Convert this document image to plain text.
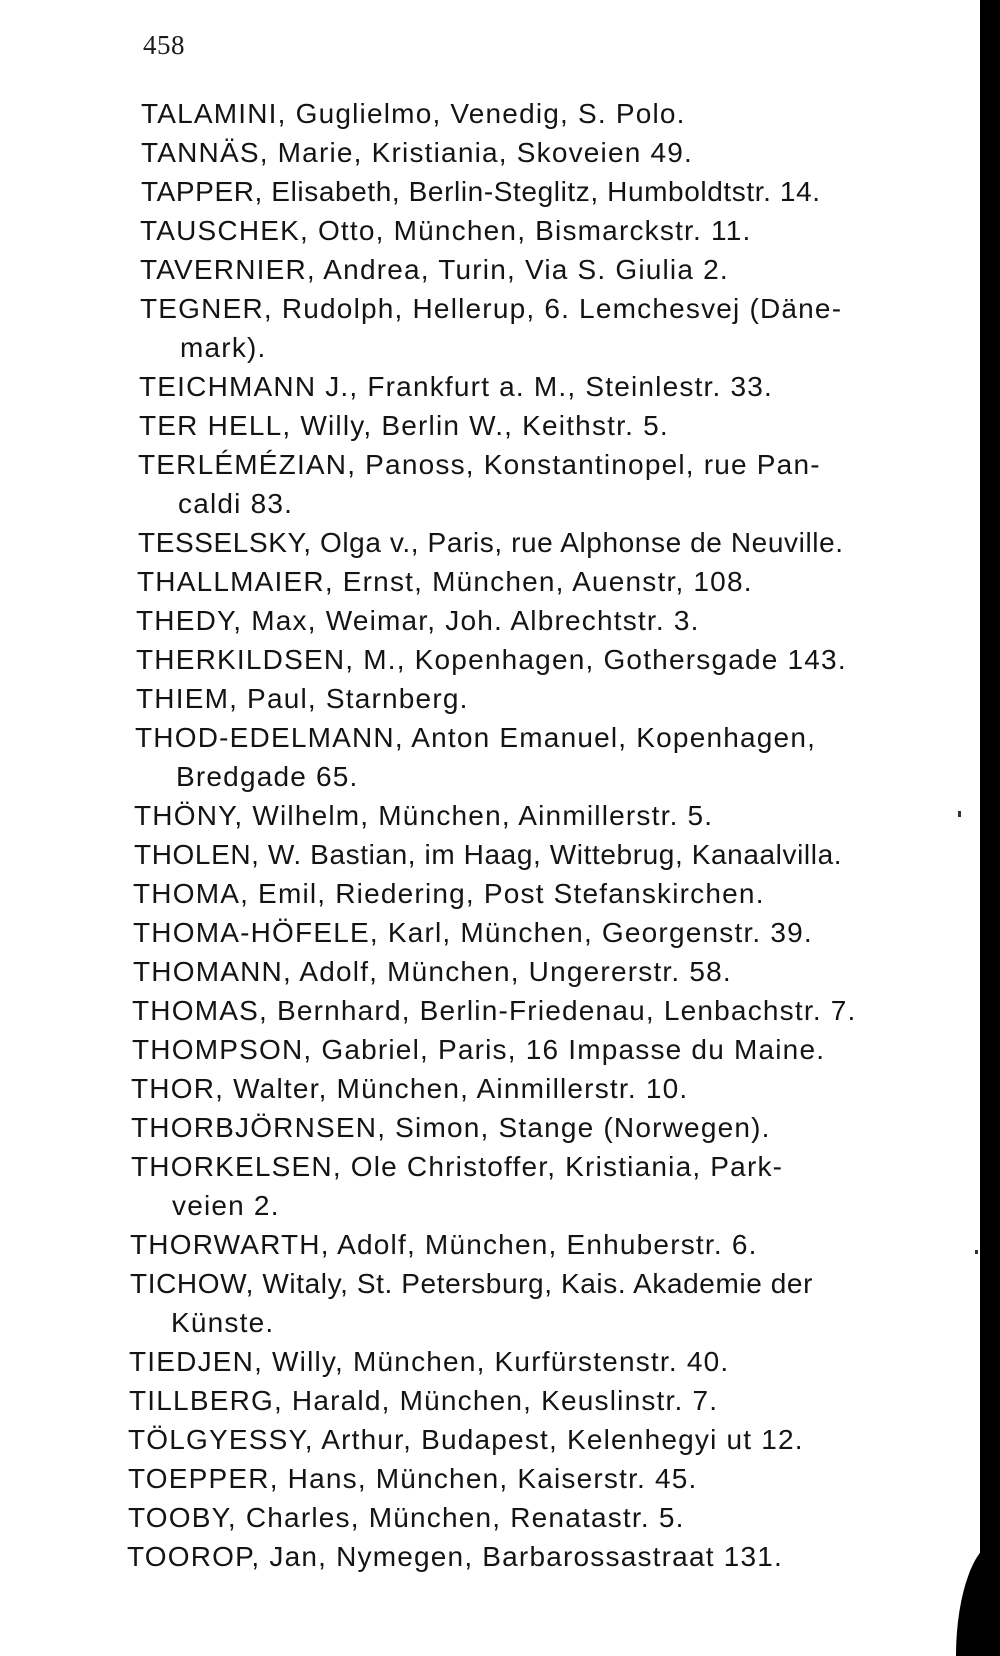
458
TALAMINI, Guglielmo, Venedig, S. Polo.
TANNÄS, Marie, Kristiania, Skoveien 49.
TAPPER, Elisabeth, Berlin-Steglitz, Humboldtstr. 14.
TAUSCHEK, Otto, München, Bismarckstr. 11.
TAVERNIER, Andrea, Turin, Via S. Giulia 2.
TEGNER, Rudolph, Hellerup, 6. Lemchesvej (Däne-
mark).
TEICHMANN J., Frankfurt a. M., Steinlestr. 33.
TER HELL, Willy, Berlin W., Keithstr. 5.
TERLÉMÉZIAN, Panoss, Konstantinopel, rue Pan-
caldi 83.
TESSELSKY, Olga v., Paris, rue Alphonse de Neuville.
THALLMAIER, Ernst, München, Auenstr, 108.
THEDY, Max, Weimar, Joh. Albrechtstr. 3.
THERKILDSEN, M., Kopenhagen, Gothersgade 143.
THIEM, Paul, Starnberg.
THOD-EDELMANN, Anton Emanuel, Kopenhagen,
Bredgade 65.
THÖNY, Wilhelm, München, Ainmillerstr. 5.
THOLEN, W. Bastian, im Haag, Wittebrug, Kanaalvilla.
THOMA, Emil, Riedering, Post Stefanskirchen.
THOMA-HÖFELE, Karl, München, Georgenstr. 39.
THOMANN, Adolf, München, Ungererstr. 58.
THOMAS, Bernhard, Berlin-Friedenau, Lenbachstr. 7.
THOMPSON, Gabriel, Paris, 16 Impasse du Maine.
THOR, Walter, München, Ainmillerstr. 10.
THORBJÖRNSEN, Simon, Stange (Norwegen).
THORKELSEN, Ole Christoffer, Kristiania, Park-
veien 2.
THORWARTH, Adolf, München, Enhuberstr. 6.
TICHOW, Witaly, St. Petersburg, Kais. Akademie der
Künste.
TIEDJEN, Willy, München, Kurfürstenstr. 40.
TILLBERG, Harald, München, Keuslinstr. 7.
TÖLGYESSY, Arthur, Budapest, Kelenhegyi ut 12.
TOEPPER, Hans, München, Kaiserstr. 45.
TOOBY, Charles, München, Renatastr. 5.
TOOROP, Jan, Nymegen, Barbarossastraat 131.
